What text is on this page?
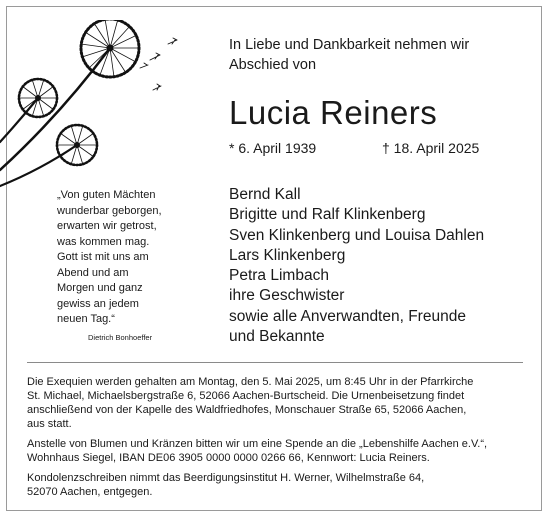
In Liebe und Dankbarkeit nehmen wir
Abschied von
Lucia Reiners
* 6. April 1939	† 18. April 2025
Bernd Kall
Brigitte und Ralf Klinkenberg
Sven Klinkenberg und Louisa Dahlen
Lars Klinkenberg
Petra Limbach
ihre Geschwister
sowie alle Anverwandten, Freunde
und Bekannte
„Von guten Mächten
wunderbar geborgen,
erwarten wir getrost,
was kommen mag.
Gott ist mit uns am
Abend und am
Morgen und ganz
gewiss an jedem
neuen Tag.“
Dietrich Bonhoeffer
Die Exequien werden gehalten am Montag, den 5. Mai 2025, um 8:45 Uhr in der Pfarrkirche
St. Michael, Michaelsbergstraße 6, 52066 Aachen-Burtscheid. Die Urnenbeisetzung findet
anschließend von der Kapelle des Waldfriedhofes, Monschauer Straße 65, 52066 Aachen,
aus statt.
Anstelle von Blumen und Kränzen bitten wir um eine Spende an die „Lebenshilfe Aachen e.V.“,
Wohnhaus Siegel, IBAN DE06 3905 0000 0000 0266 66, Kennwort: Lucia Reiners.
Kondolenzschreiben nimmt das Beerdigungsinstitut H. Werner, Wilhelmstraße 64,
52070 Aachen, entgegen.
